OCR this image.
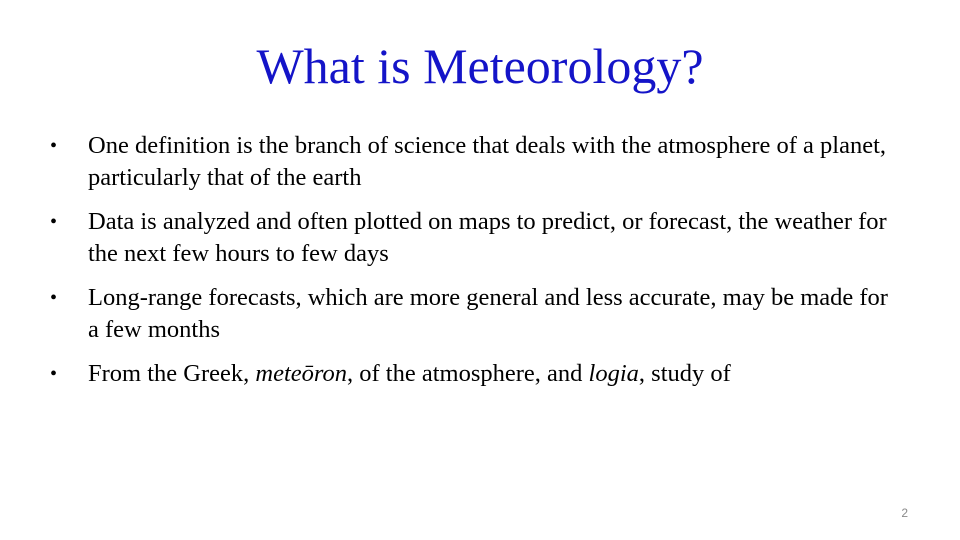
What is Meteorology?
• One definition is the branch of science that deals with the atmosphere of a planet, particularly that of the earth
• Data is analyzed and often plotted on maps to predict, or forecast, the weather for the next few hours to few days
• Long-range forecasts, which are more general and less accurate, may be made for a few months
• From the Greek, meteōron, of the atmosphere, and logia, study of
2
